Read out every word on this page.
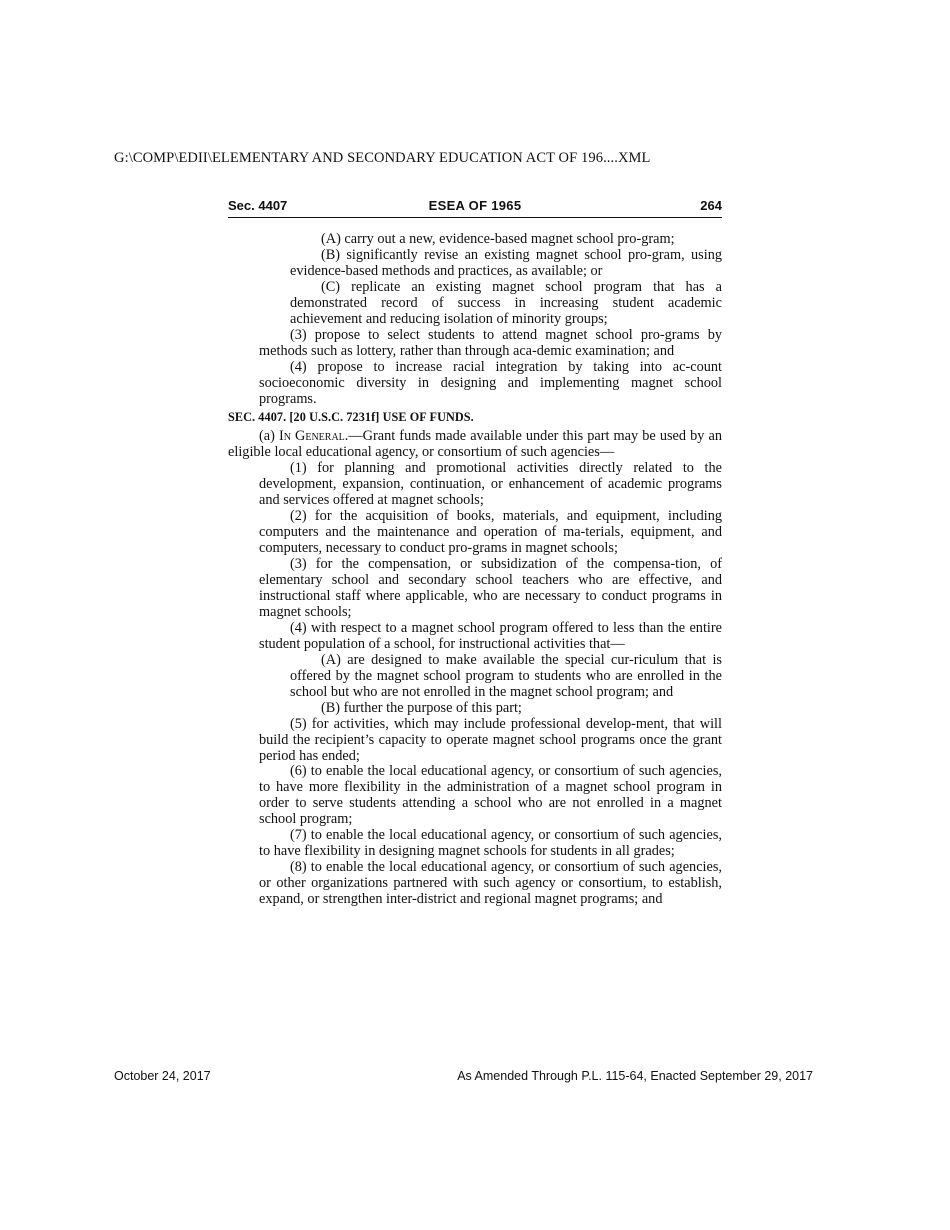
G:\COMP\EDII\ELEMENTARY AND SECONDARY EDUCATION ACT OF 196....XML
Sec. 4407	ESEA OF 1965	264

(A) carry out a new, evidence-based magnet school pro-gram;

(B) significantly revise an existing magnet school pro-gram, using evidence-based methods and practices, as available; or

(C) replicate an existing magnet school program that has a demonstrated record of success in increasing student academic achievement and reducing isolation of minority groups;

(3) propose to select students to attend magnet school pro-grams by methods such as lottery, rather than through aca-demic examination; and

(4) propose to increase racial integration by taking into ac-count socioeconomic diversity in designing and implementing magnet school programs.

SEC. 4407. [20 U.S.C. 7231f] USE OF FUNDS.

(a) In General.—Grant funds made available under this part may be used by an eligible local educational agency, or consortium of such agencies—

(1) for planning and promotional activities directly related to the development, expansion, continuation, or enhancement of academic programs and services offered at magnet schools;

(2) for the acquisition of books, materials, and equipment, including computers and the maintenance and operation of ma-terials, equipment, and computers, necessary to conduct pro-grams in magnet schools;

(3) for the compensation, or subsidization of the compensa-tion, of elementary school and secondary school teachers who are effective, and instructional staff where applicable, who are necessary to conduct programs in magnet schools;

(4) with respect to a magnet school program offered to less than the entire student population of a school, for instructional activities that—

(A) are designed to make available the special cur-riculum that is offered by the magnet school program to students who are enrolled in the school but who are not enrolled in the magnet school program; and

(B) further the purpose of this part;

(5) for activities, which may include professional develop-ment, that will build the recipient’s capacity to operate magnet school programs once the grant period has ended;

(6) to enable the local educational agency, or consortium of such agencies, to have more flexibility in the administration of a magnet school program in order to serve students attending a school who are not enrolled in a magnet school program;

(7) to enable the local educational agency, or consortium of such agencies, to have flexibility in designing magnet schools for students in all grades;

(8) to enable the local educational agency, or consortium of such agencies, or other organizations partnered with such agency or consortium, to establish, expand, or strengthen inter-district and regional magnet programs; and

October 24, 2017	As Amended Through P.L. 115-64, Enacted September 29, 2017
